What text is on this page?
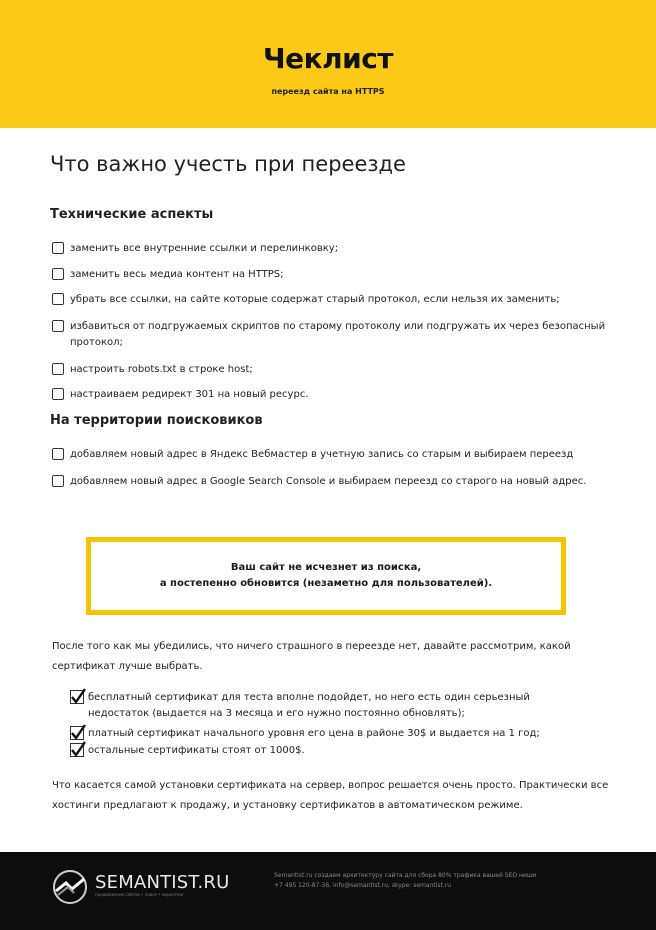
Чеклист
переезд сайта на HTTPS
Что важно учесть при переезде
Технические аспекты
заменить все внутренние ссылки и перелинковку;
заменить весь медиа контент на HTTPS;
убрать все ссылки, на сайте которые содержат старый протокол, если нельзя их заменить;
избавиться от подгружаемых скриптов по старому протоколу или подгружать их через безопасный протокол;
настроить robots.txt в строке host;
настраиваем редирект 301 на новый ресурс.
На территории поисковиков
добавляем новый адрес в Яндекс Вебмастер в учетную запись со старым и выбираем переезд
добавляем новый адрес в Google Search Console и выбираем переезд со старого на новый адрес.
Ваш сайт не исчезнет из поиска,
а постепенно обновится (незаметно для пользователей).
После того как мы убедились, что ничего страшного в переезде нет, давайте рассмотрим, какой сертификат лучше выбрать.
бесплатный сертификат для теста вполне подойдет, но него есть один серьезный недостаток (выдается на 3 месяца и его нужно постоянно обновлять);
платный сертификат начального уровня его цена в районе 30$ и выдается на 1 год;
остальные сертификаты стоят от 1000$.
Что касается самой установки сертификата на сервер, вопрос решается очень просто. Практически все хостинги предлагают к продажу, и установку сертификатов в автоматическом режиме.
SEMANTIST.RU
продвижение сайтов • поиск • маркетинг
Semantist.ru создаем архитектуру сайта для сбора 80% трафика вашей SEO ниши
+7 495 120-87-36, info@semantist.ru, skype: semantist.ru
